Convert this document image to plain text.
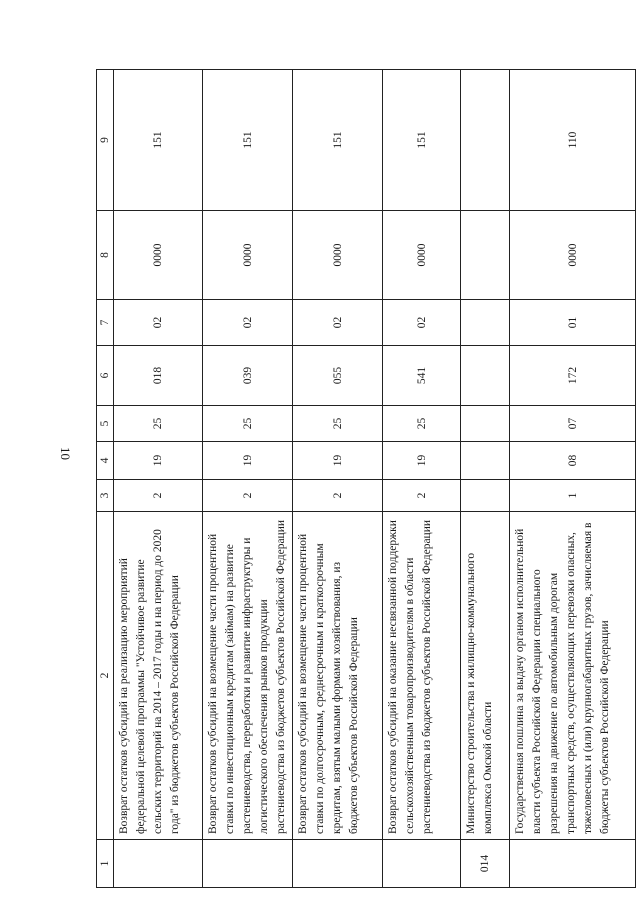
10
1	2	3	4	5	6	7	8	9
	Возврат остатков субсидий на реализацию мероприятий федеральной целевой программы "Устойчивое развитие сельских территорий на 2014 – 2017 годы и на период до 2020 года" из бюджетов субъектов Российской Федерации	2	19	25	018	02	0000	151
	Возврат остатков субсидий на возмещение части процентной ставки по инвестиционным кредитам (займам) на развитие растениеводства, переработки и развитие инфраструктуры и логистического обеспечения рынков продукции растениеводства из бюджетов субъектов Российской Федерации	2	19	25	039	02	0000	151
	Возврат остатков субсидий на возмещение части процентной ставки по долгосрочным, среднесрочным и краткосрочным кредитам, взятым малыми формами хозяйствования, из бюджетов субъектов Российской Федерации	2	19	25	055	02	0000	151
	Возврат остатков субсидий на оказание несвязанной поддержки сельскохозяйственным товаропроизводителям в области растениеводства из бюджетов субъектов Российской Федерации	2	19	25	541	02	0000	151
014	Министерство строительства и жилищно-коммунального комплекса Омской области							
	Государственная пошлина за выдачу органом исполнительной власти субъекта Российской Федерации специального разрешения на движение по автомобильным дорогам транспортных средств, осуществляющих перевозки опасных, тяжеловесных и (или) крупногабаритных грузов, зачисляемая в бюджеты субъектов Российской Федерации	1	08	07	172	01	0000	110
